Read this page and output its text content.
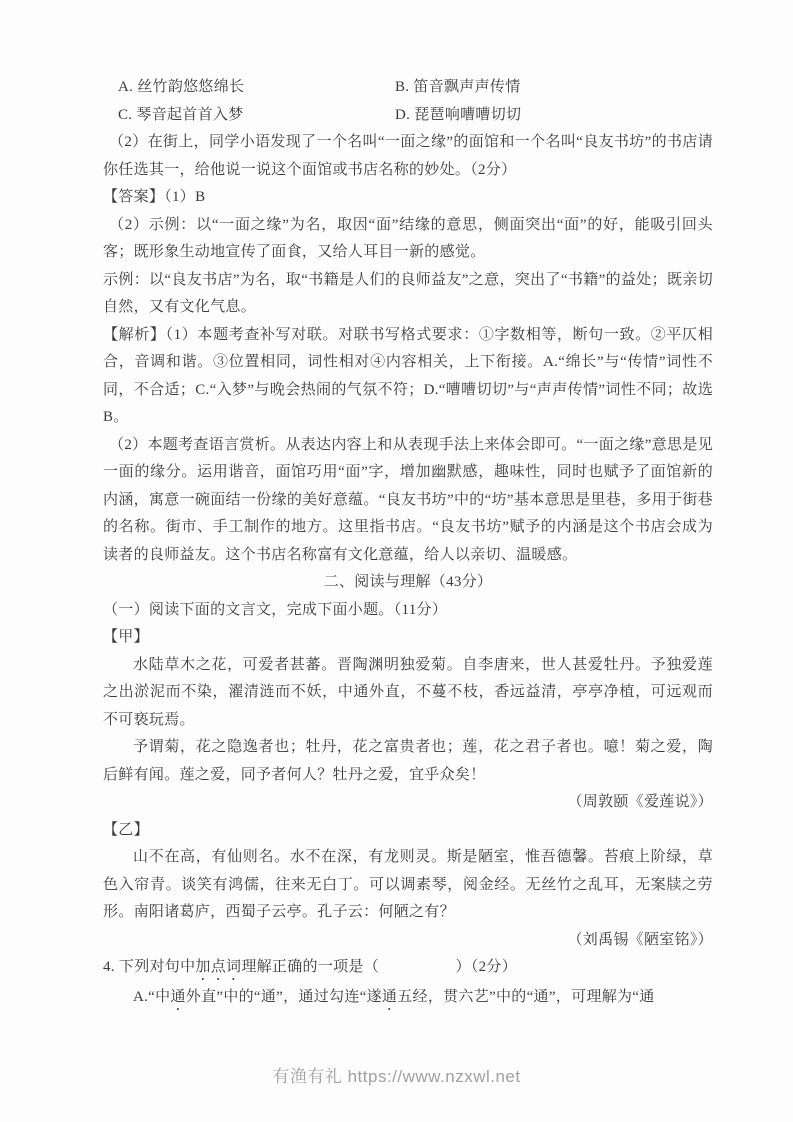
A. 丝竹韵悠悠绵长	B. 笛音飘声声传情
C. 琴音起首首入梦	D. 琵琶响嘈嘈切切

（2）在街上，同学小语发现了一个名叫“一面之缘”的面馆和一个名叫“良友书坊”的书店请你任选其一，给他说一说这个面馆或书店名称的妙处。（2分）

【答案】（1）B

（2）示例：以“一面之缘”为名，取因“面”结缘的意思，侧面突出“面”的好，能吸引回头客；既形象生动地宣传了面食，又给人耳目一新的感觉。

示例：以“良友书店”为名，取“书籍是人们的良师益友”之意，突出了“书籍”的益处；既亲切自然，又有文化气息。

【解析】（1）本题考查补写对联。对联书写格式要求：①字数相等，断句一致。②平仄相合，音调和谐。③位置相同，词性相对④内容相关，上下衔接。A.“绵长”与“传情”词性不同，不合适；C.“入梦”与晚会热闹的气氛不符；D.“嘈嘈切切”与“声声传情”词性不同；故选B。

（2）本题考查语言赏析。从表达内容上和从表现手法上来体会即可。“一面之缘”意思是见一面的缘分。运用谐音，面馆巧用“面”字，增加幽默感，趣味性，同时也赋予了面馆新的内涵，寓意一碗面结一份缘的美好意蕴。“良友书坊”中的“坊”基本意思是里巷，多用于街巷的名称。街市、手工制作的地方。这里指书店。“良友书坊”赋予的内涵是这个书店会成为读者的良师益友。这个书店名称富有文化意蕴，给人以亲切、温暖感。

二、阅读与理解（43分）

（一）阅读下面的文言文，完成下面小题。（11分）

【甲】

水陆草木之花，可爱者甚蕃。晋陶渊明独爱菊。自李唐来，世人甚爱牡丹。予独爱莲之出淤泥而不染，濯清涟而不妖，中通外直，不蔓不枝，香远益清，亭亭净植，可远观而不可亵玩焉。

予谓菊，花之隐逸者也；牡丹，花之富贵者也；莲，花之君子者也。噫！菊之爱，陶后鲜有闻。莲之爱，同予者何人？牡丹之爱，宜乎众矣！

（周敦颐《爱莲说》）

【乙】

山不在高，有仙则名。水不在深，有龙则灵。斯是陋室，惟吾德馨。苔痕上阶绿，草色入帘青。谈笑有鸿儒，往来无白丁。可以调素琴，阅金经。无丝竹之乱耳，无案牍之劳形。南阳诸葛庐，西蜀子云亭。孔子云：何陋之有？

（刘禹锡《陋室铭》）

4. 下列对句中加点词理解正确的一项是（　　　　　）（2分）

A.“中通外直”中的“通”，通过勾连“遂通五经，贯六艺”中的“通”，可理解为“通

有渔有礼 https://www.nzxwl.net
